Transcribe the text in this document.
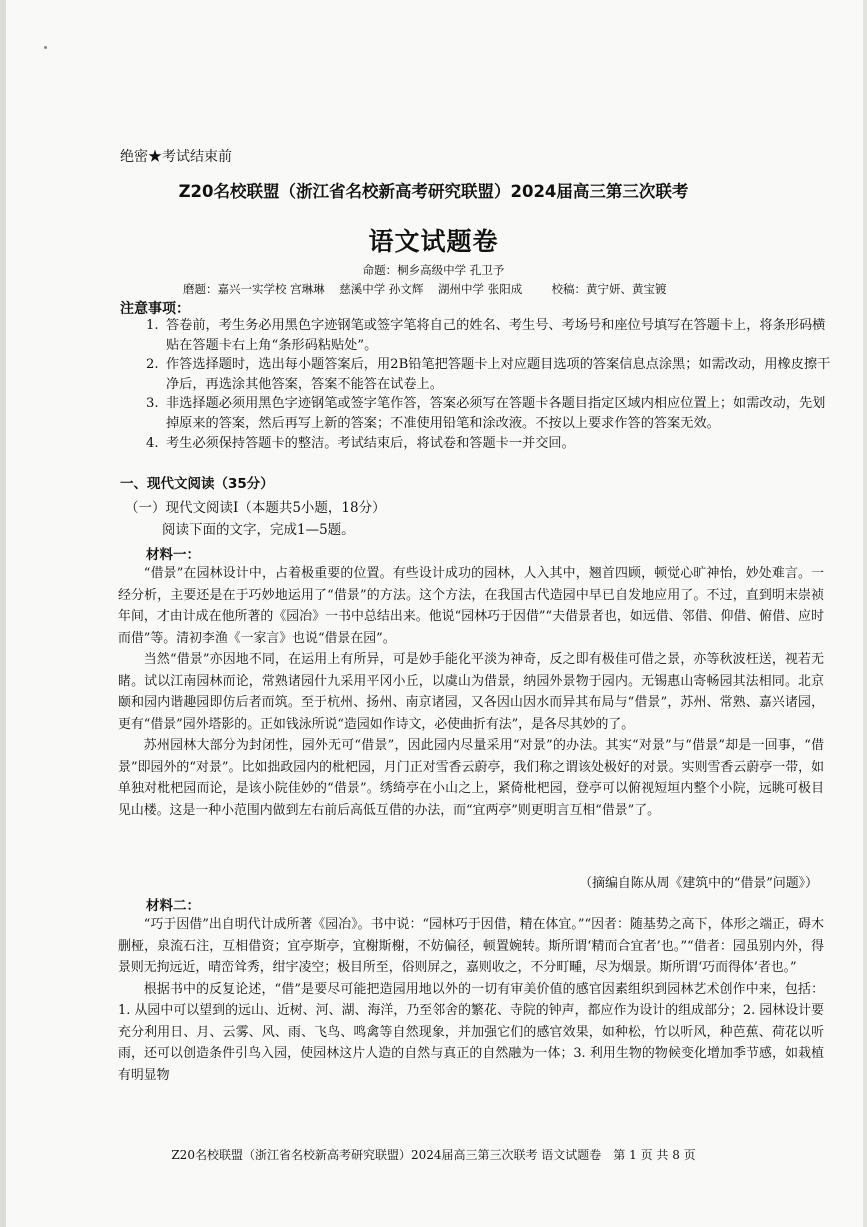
绝密★考试结束前
Z20名校联盟（浙江省名校新高考研究联盟）2024届高三第三次联考
语文试题卷
命题：桐乡高级中学 孔卫予
磨题：嘉兴一实学校 宫琳琳    慈溪中学 孙文辉    湖州中学 张阳成        校稿：黄宁妍、黄宝镀
注意事项：
1. 答卷前，考生务必用黑色字迹钢笔或签字笔将自己的姓名、考生号、考场号和座位号填写在答题卡上，将条形码横贴在答题卡右上角“条形码粘贴处”。
2. 作答选择题时，选出每小题答案后，用2B铅笔把答题卡上对应题目选项的答案信息点涂黑；如需改动，用橡皮擦干净后，再选涂其他答案，答案不能答在试卷上。
3. 非选择题必须用黑色字迹钢笔或签字笔作答，答案必须写在答题卡各题目指定区域内相应位置上；如需改动，先划掉原来的答案，然后再写上新的答案；不准使用铅笔和涂改液。不按以上要求作答的答案无效。
4. 考生必须保持答题卡的整洁。考试结束后，将试卷和答题卡一并交回。
一、现代文阅读（35分）
（一）现代文阅读Ⅰ（本题共5小题，18分）
阅读下面的文字，完成1—5题。
材料一：

“借景”在园林设计中，占着极重要的位置。有些设计成功的园林，人入其中，翘首四顾，顿觉心旷神怡，妙处难言。一经分析，主要还是在于巧妙地运用了“借景”的方法。这个方法，在我国古代造园中早已自发地应用了。不过，直到明末崇祯年间，才由计成在他所著的《园冶》一书中总结出来。他说“园林巧于因借”“夫借景者也，如远借、邻借、仰借、俯借、应时而借”等。清初李渔《一家言》也说“借景在园”。

当然“借景”亦因地不同，在运用上有所异，可是妙手能化平淡为神奇，反之即有极佳可借之景，亦等秋波枉送，视若无睹。试以江南园林而论，常熟诸园什九采用平冈小丘，以虞山为借景，纳园外景物于园内。无锡惠山寄畅园其法相同。北京颐和园内谐趣园即仿后者而筑。至于杭州、扬州、南京诸园，又各因山因水而异其布局与“借景”，苏州、常熟、嘉兴诸园，更有“借景”园外塔影的。正如钱泳所说“造园如作诗文，必使曲折有法”，是各尽其妙的了。

苏州园林大部分为封闭性，园外无可“借景”，因此园内尽量采用“对景”的办法。其实“对景”与“借景”却是一回事，“借景”即园外的“对景”。比如拙政园内的枇杷园，月门正对雪香云蔚亭，我们称之谓该处极好的对景。实则雪香云蔚亭一带，如单独对枇杷园而论，是该小院佳妙的“借景”。绣绮亭在小山之上，紧倚枇杷园，登亭可以俯视短垣内整个小院，远眺可极目见山楼。这是一种小范围内做到左右前后高低互借的办法，而“宜两亭”则更明言互相“借景”了。

（摘编自陈从周《建筑中的“借景”问题》）
材料二：

“巧于因借”出自明代计成所著《园冶》。书中说：“园林巧于因借，精在体宜。”“因者：随基势之高下，体形之端正，碍木删桠，泉流石注，互相借资；宜亭斯亭，宜榭斯榭，不妨偏径，顿置婉转。斯所谓‘精而合宜者’也。”“借者：园虽别内外，得景则无拘远近，晴峦耸秀，绀宇凌空；极目所至，俗则屏之，嘉则收之，不分町畽，尽为烟景。斯所谓‘巧而得体’者也。”

根据书中的反复论述，“借”是要尽可能把造园用地以外的一切有审美价值的感官因素组织到园林艺术创作中来，包括：1. 从园中可以望到的远山、近树、河、湖、海洋，乃至邻舍的繁花、寺院的钟声，都应作为设计的组成部分；2. 园林设计要充分利用日、月、云雾、风、雨、飞鸟、鸣禽等自然现象，并加强它们的感官效果，如种松，竹以听风，种芭蕉、荷花以听雨，还可以创造条件引鸟入园，使园林这片人造的自然与真正的自然融为一体；3. 利用生物的物候变化增加季节感，如栽植有明显物

Z20名校联盟（浙江省名校新高考研究联盟）2024届高三第三次联考 语文试题卷　第 1 页 共 8 页
